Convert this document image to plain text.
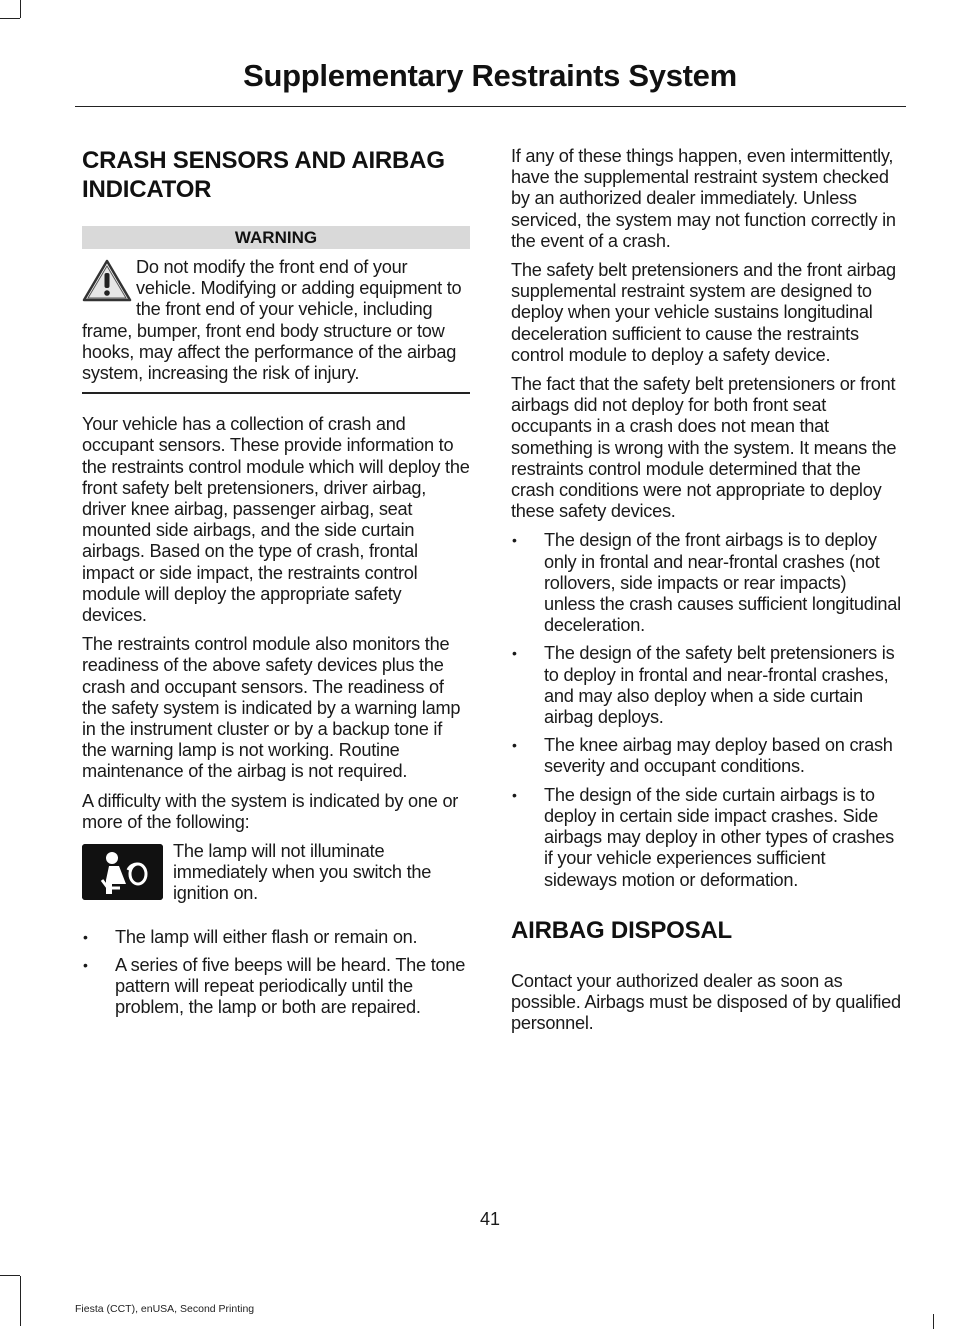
Supplementary Restraints System
CRASH SENSORS AND AIRBAG INDICATOR
WARNING

Do not modify the front end of your vehicle. Modifying or adding equipment to the front end of your vehicle, including frame, bumper, front end body structure or tow hooks, may affect the performance of the airbag system, increasing the risk of injury.

Your vehicle has a collection of crash and occupant sensors. These provide information to the restraints control module which will deploy the front safety belt pretensioners, driver airbag, driver knee airbag, passenger airbag, seat mounted side airbags, and the side curtain airbags. Based on the type of crash, frontal impact or side impact, the restraints control module will deploy the appropriate safety devices.

The restraints control module also monitors the readiness of the above safety devices plus the crash and occupant sensors. The readiness of the safety system is indicated by a warning lamp in the instrument cluster or by a backup tone if the warning lamp is not working. Routine maintenance of the airbag is not required.

A difficulty with the system is indicated by one or more of the following:

The lamp will not illuminate immediately when you switch the ignition on.

• The lamp will either flash or remain on.
• A series of five beeps will be heard. The tone pattern will repeat periodically until the problem, the lamp or both are repaired.

If any of these things happen, even intermittently, have the supplemental restraint system checked by an authorized dealer immediately. Unless serviced, the system may not function correctly in the event of a crash.

The safety belt pretensioners and the front airbag supplemental restraint system are designed to deploy when your vehicle sustains longitudinal deceleration sufficient to cause the restraints control module to deploy a safety device.

The fact that the safety belt pretensioners or front airbags did not deploy for both front seat occupants in a crash does not mean that something is wrong with the system. It means the restraints control module determined that the crash conditions were not appropriate to deploy these safety devices.

• The design of the front airbags is to deploy only in frontal and near-frontal crashes (not rollovers, side impacts or rear impacts) unless the crash causes sufficient longitudinal deceleration.
• The design of the safety belt pretensioners is to deploy in frontal and near-frontal crashes, and may also deploy when a side curtain airbag deploys.
• The knee airbag may deploy based on crash severity and occupant conditions.
• The design of the side curtain airbags is to deploy in certain side impact crashes. Side airbags may deploy in other types of crashes if your vehicle experiences sufficient sideways motion or deformation.
AIRBAG DISPOSAL

Contact your authorized dealer as soon as possible. Airbags must be disposed of by qualified personnel.

41
Fiesta (CCT), enUSA, Second Printing
